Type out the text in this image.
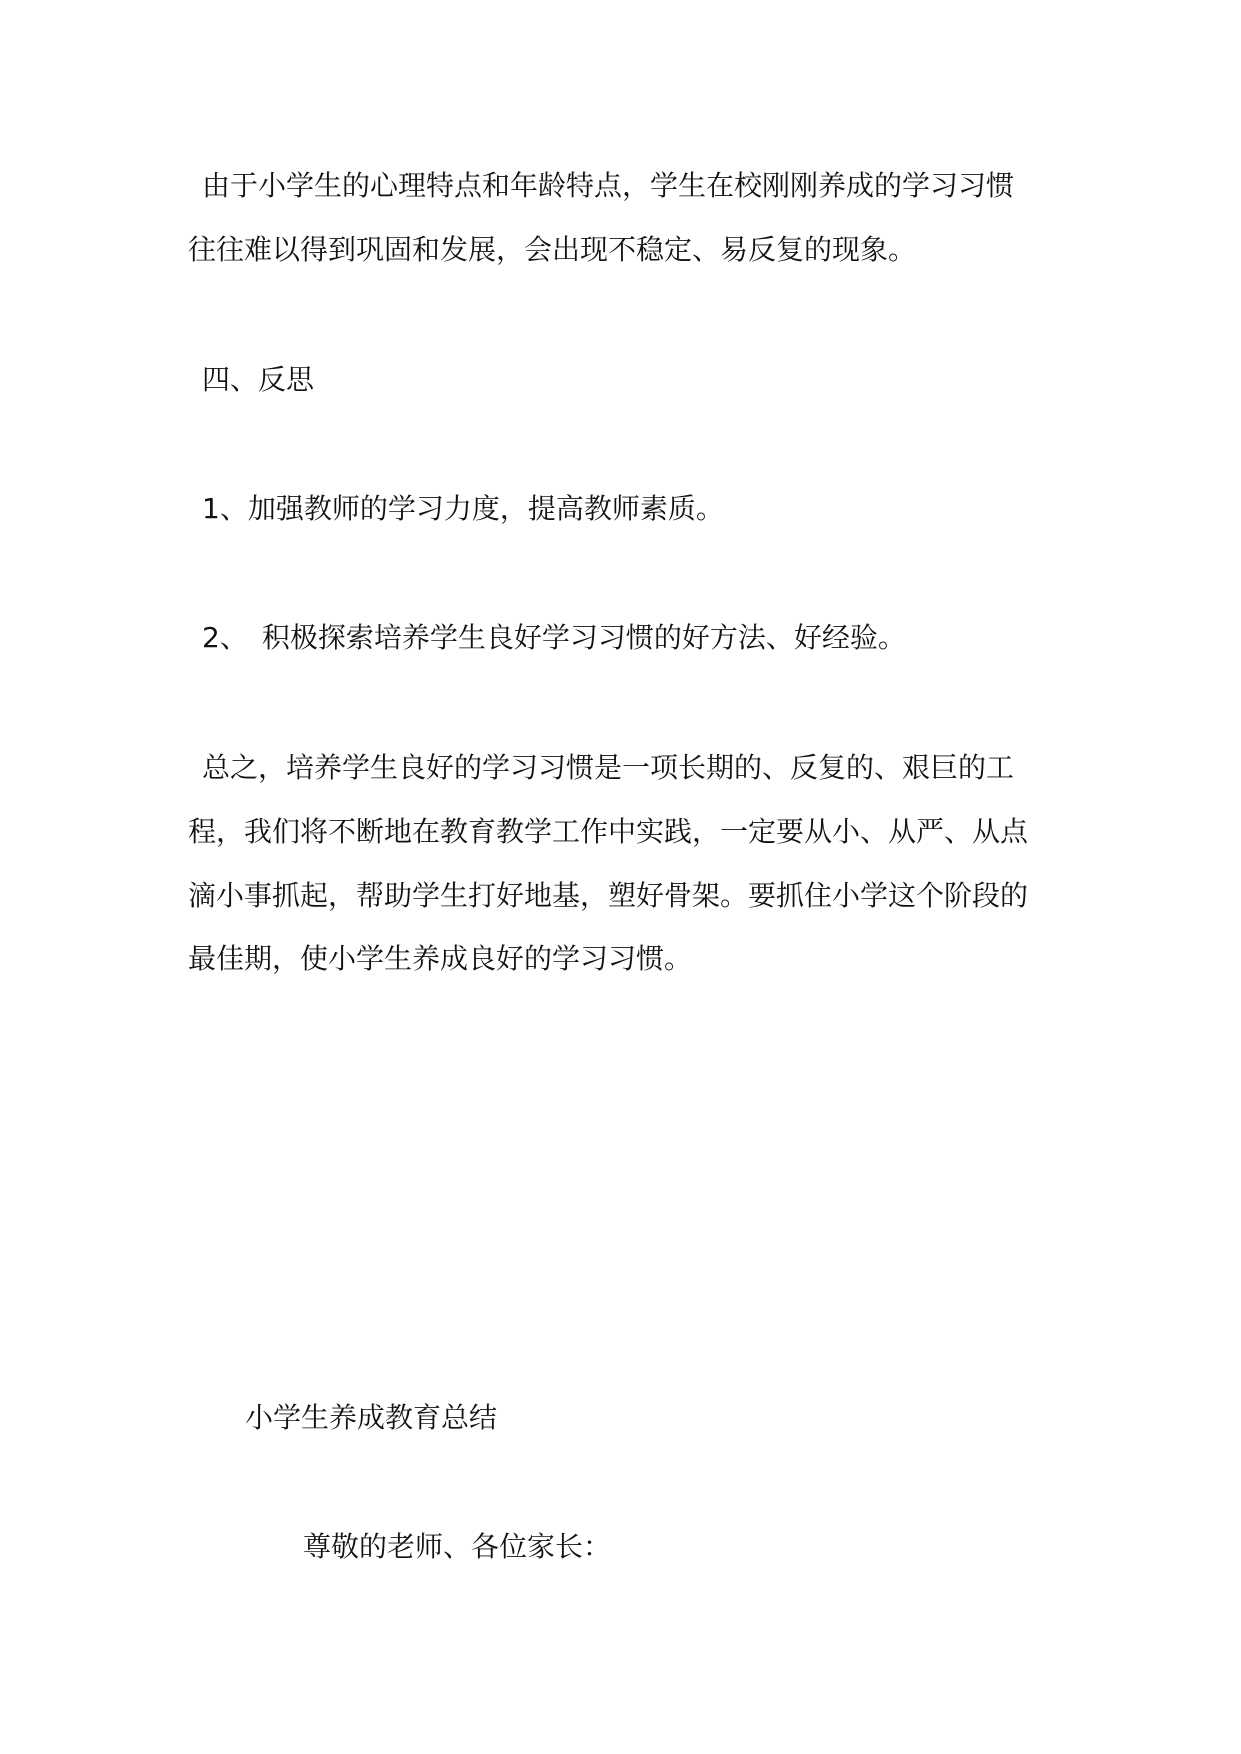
由于小学生的心理特点和年龄特点，学生在校刚刚养成的学习习惯
往往难以得到巩固和发展，会出现不稳定、易反复的现象。
四、反思
1、加强教师的学习力度，提高教师素质。
2、　积极探索培养学生良好学习习惯的好方法、好经验。
总之，培养学生良好的学习习惯是一项长期的、反复的、艰巨的工
程，我们将不断地在教育教学工作中实践，一定要从小、从严、从点
滴小事抓起，帮助学生打好地基，塑好骨架。要抓住小学这个阶段的
最佳期，使小学生养成良好的学习习惯。
小学生养成教育总结
尊敬的老师、各位家长：
